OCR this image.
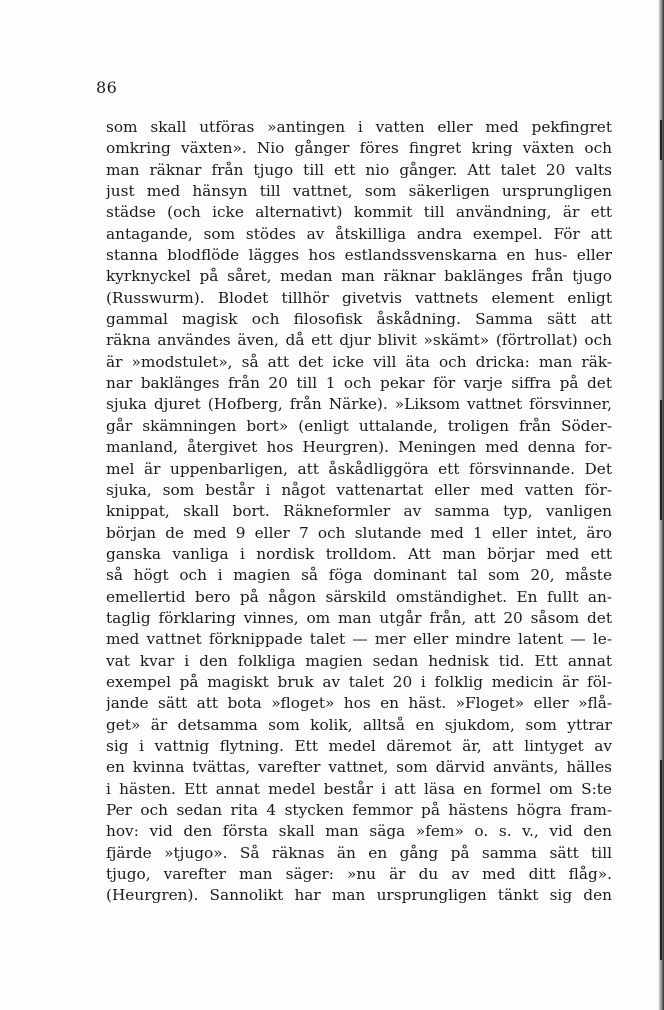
86
som skall utföras »antingen i vatten eller med pekfingret
omkring växten». Nio gånger föres fingret kring växten och
man räknar från tjugo till ett nio gånger. Att talet 20 valts
just med hänsyn till vattnet, som säkerligen ursprungligen
städse (och icke alternativt) kommit till användning, är ett
antagande, som stödes av åtskilliga andra exempel. För att
stanna blodflöde lägges hos estlandssvenskarna en hus- eller
kyrknyckel på såret, medan man räknar baklänges från tjugo
(Russwurm). Blodet tillhör givetvis vattnets element enligt
gammal magisk och filosofisk åskådning. Samma sätt att
räkna användes även, då ett djur blivit »skämt» (förtrollat) och
är »modstulet», så att det icke vill äta och dricka: man räk-
nar baklänges från 20 till 1 och pekar för varje siffra på det
sjuka djuret (Hofberg, från Närke). »Liksom vattnet försvinner,
går skämningen bort» (enligt uttalande, troligen från Söder-
manland, återgivet hos Heurgren). Meningen med denna for-
mel är uppenbarligen, att åskådliggöra ett försvinnande. Det
sjuka, som består i något vattenartat eller med vatten för-
knippat, skall bort. Räkneformler av samma typ, vanligen
början de med 9 eller 7 och slutande med 1 eller intet, äro
ganska vanliga i nordisk trolldom. Att man börjar med ett
så högt och i magien så föga dominant tal som 20, måste
emellertid bero på någon särskild omständighet. En fullt an-
taglig förklaring vinnes, om man utgår från, att 20 såsom det
med vattnet förknippade talet — mer eller mindre latent — le-
vat kvar i den folkliga magien sedan hednisk tid. Ett annat
exempel på magiskt bruk av talet 20 i folklig medicin är föl-
jande sätt att bota »floget» hos en häst. »Floget» eller »flå-
get» är detsamma som kolik, alltså en sjukdom, som yttrar
sig i vattnig flytning. Ett medel däremot är, att lintyget av
en kvinna tvättas, varefter vattnet, som därvid använts, hälles
i hästen. Ett annat medel består i att läsa en formel om S:te
Per och sedan rita 4 stycken femmor på hästens högra fram-
hov: vid den första skall man säga »fem» o. s. v., vid den
fjärde »tjugo». Så räknas än en gång på samma sätt till
tjugo, varefter man säger: »nu är du av med ditt flåg».
(Heurgren). Sannolikt har man ursprungligen tänkt sig den
